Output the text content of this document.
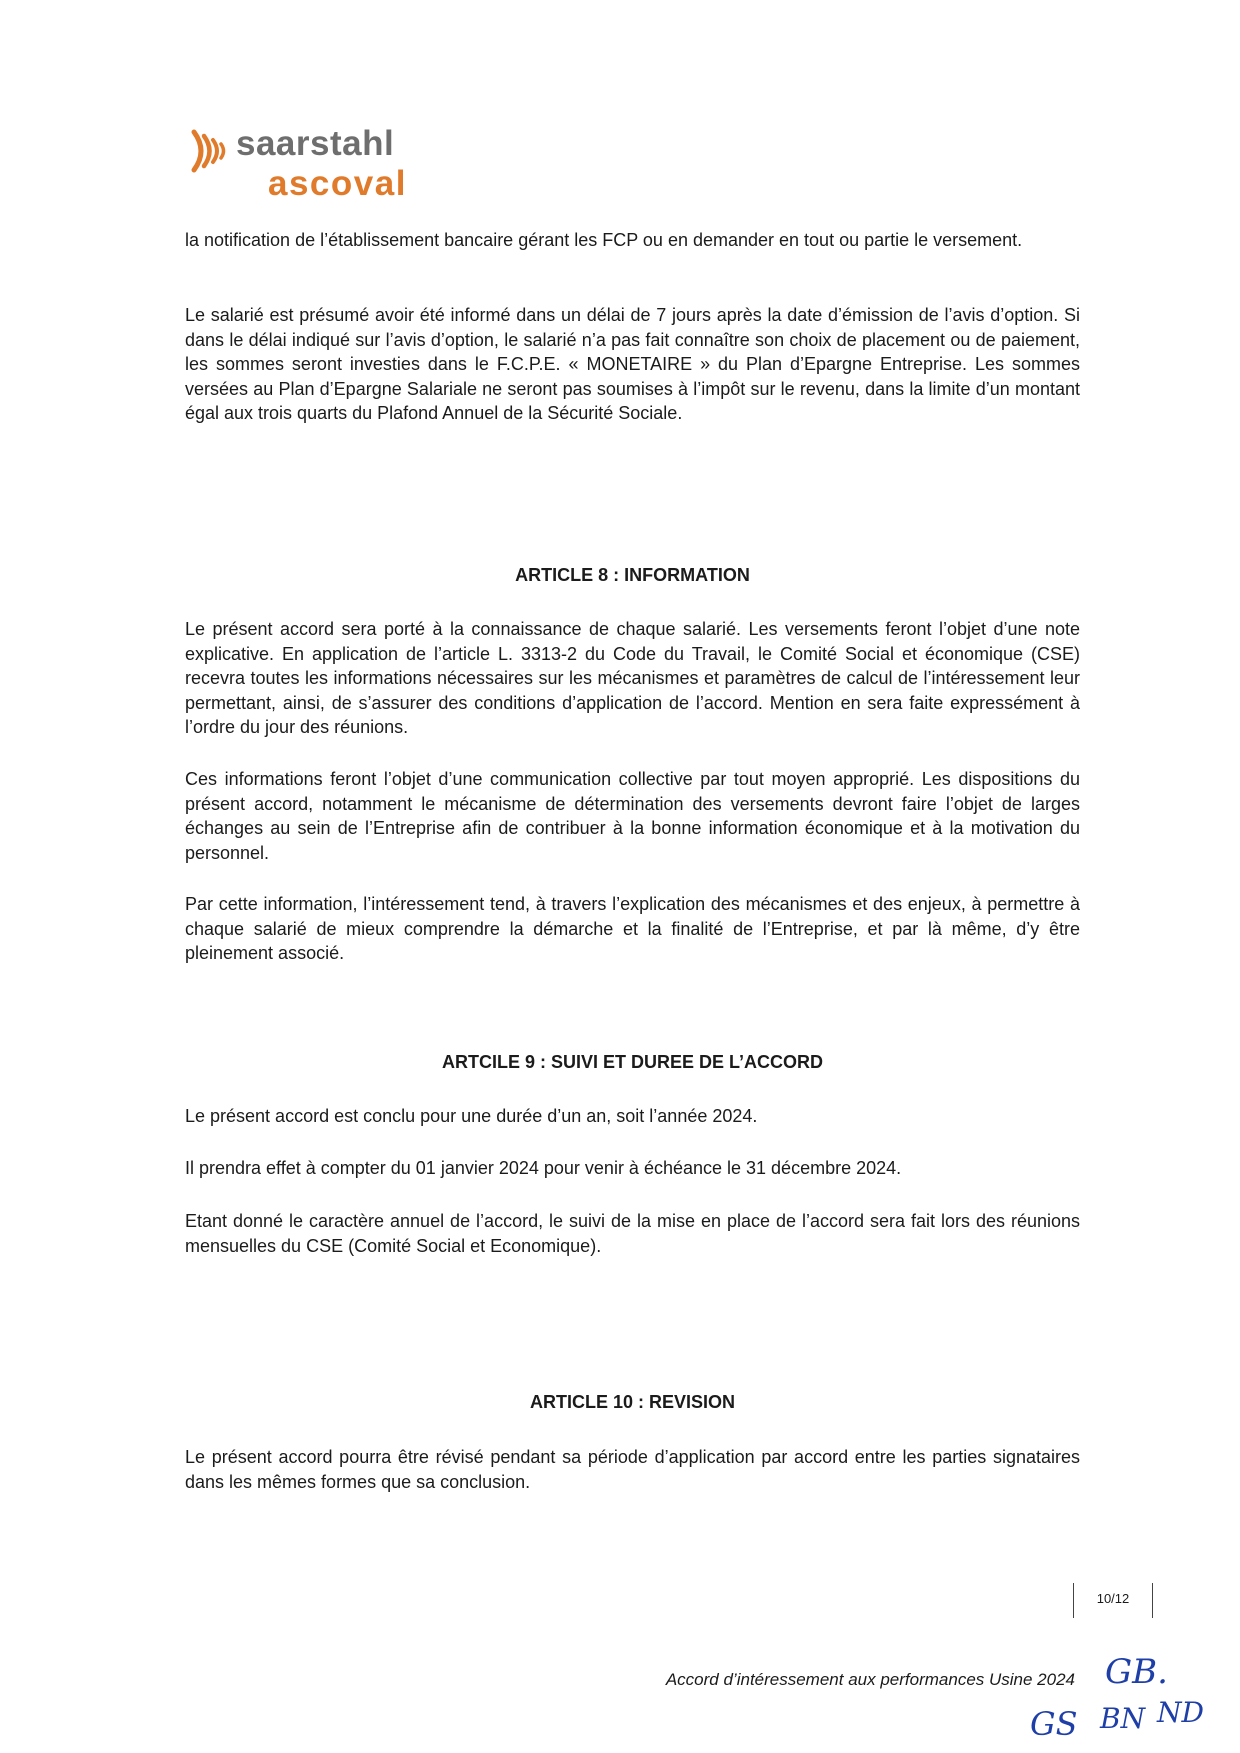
saarstahl
ascoval

la notification de l’établissement bancaire gérant les FCP ou en demander en tout ou partie le versement.

Le salarié est présumé avoir été informé dans un délai de 7 jours après la date d’émission de l’avis d’option. Si dans le délai indiqué sur l’avis d’option, le salarié n’a pas fait connaître son choix de placement ou de paiement, les sommes seront investies dans le F.C.P.E. « MONETAIRE » du Plan d’Epargne Entreprise. Les sommes versées au Plan d’Epargne Salariale ne seront pas soumises à l’impôt sur le revenu, dans la limite d’un montant égal aux trois quarts du Plafond Annuel de la Sécurité Sociale.

ARTICLE 8 : INFORMATION

Le présent accord sera porté à la connaissance de chaque salarié. Les versements feront l’objet d’une note explicative. En application de l’article L. 3313-2 du Code du Travail, le Comité Social et économique (CSE) recevra toutes les informations nécessaires sur les mécanismes et paramètres de calcul de l’intéressement leur permettant, ainsi, de s’assurer des conditions d’application de l’accord. Mention en sera faite expressément à l’ordre du jour des réunions.

Ces informations feront l’objet d’une communication collective par tout moyen approprié. Les dispositions du présent accord, notamment le mécanisme de détermination des versements devront faire l’objet de larges échanges au sein de l’Entreprise afin de contribuer à la bonne information économique et à la motivation du personnel.

Par cette information, l’intéressement tend, à travers l’explication des mécanismes et des enjeux, à permettre à chaque salarié de mieux comprendre la démarche et la finalité de l’Entreprise, et par là même, d’y être pleinement associé.

ARTCILE 9 : SUIVI ET DUREE DE L’ACCORD

Le présent accord est conclu pour une durée d’un an, soit l’année 2024.

Il prendra effet à compter du 01 janvier 2024 pour venir à échéance le 31 décembre 2024.

Etant donné le caractère annuel de l’accord, le suivi de la mise en place de l’accord sera fait lors des réunions mensuelles du CSE (Comité Social et Economique).

ARTICLE 10 : REVISION

Le présent accord pourra être révisé pendant sa période d’application par accord entre les parties signataires dans les mêmes formes que sa conclusion.

10/12

Accord d’intéressement aux performances Usine 2024 GB.
GS BN ND
